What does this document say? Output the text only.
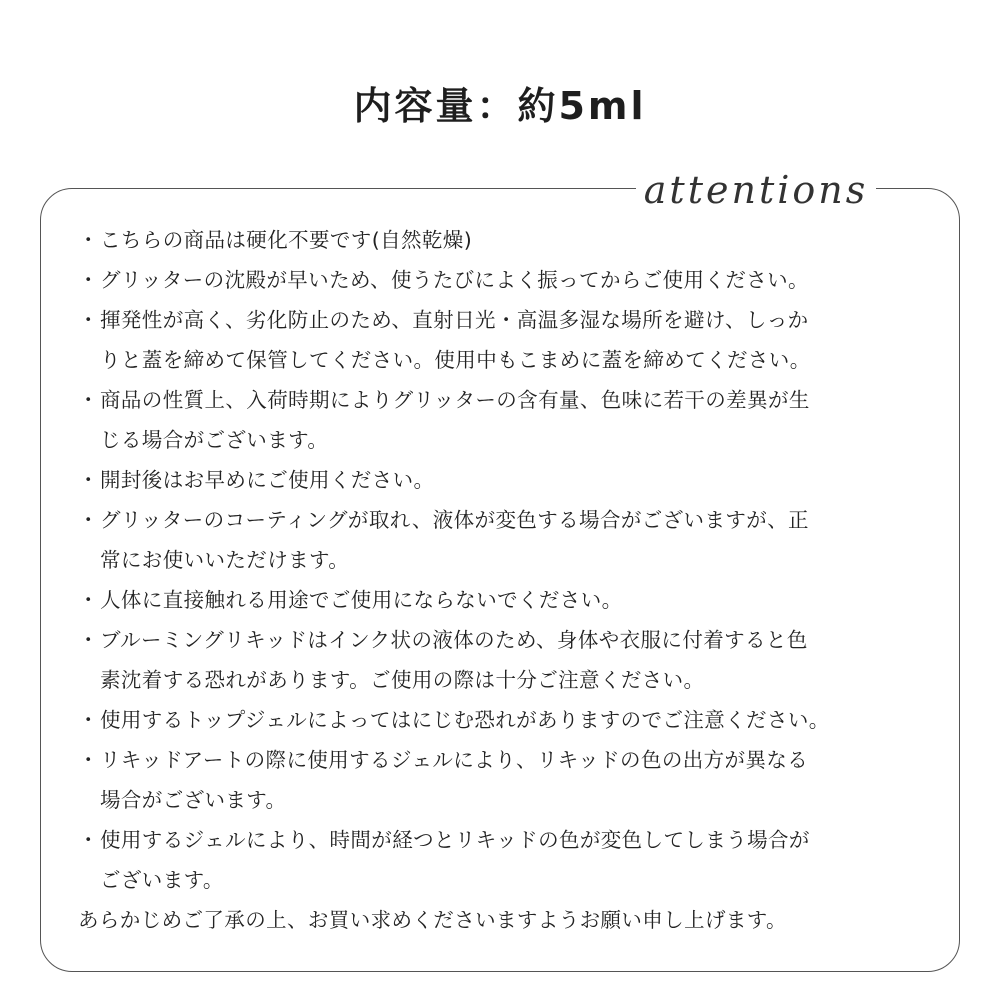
内容量：約5ml
attentions
・ こちらの商品は硬化不要です(自然乾燥)
・ グリッターの沈殿が早いため、使うたびによく振ってからご使用ください。
・ 揮発性が高く、劣化防止のため、直射日光・高温多湿な場所を避け、しっか
りと蓋を締めて保管してください。使用中もこまめに蓋を締めてください。
・ 商品の性質上、入荷時期によりグリッターの含有量、色味に若干の差異が生
じる場合がございます。
・ 開封後はお早めにご使用ください。
・ グリッターのコーティングが取れ、液体が変色する場合がございますが、正
常にお使いいただけます。
・ 人体に直接触れる用途でご使用にならないでください。
・ ブルーミングリキッドはインク状の液体のため、身体や衣服に付着すると色
素沈着する恐れがあります。ご使用の際は十分ご注意ください。
・ 使用するトップジェルによってはにじむ恐れがありますのでご注意ください。
・ リキッドアートの際に使用するジェルにより、リキッドの色の出方が異なる
場合がございます。
・ 使用するジェルにより、時間が経つとリキッドの色が変色してしまう場合が
ございます。
あらかじめご了承の上、お買い求めくださいますようお願い申し上げます。
